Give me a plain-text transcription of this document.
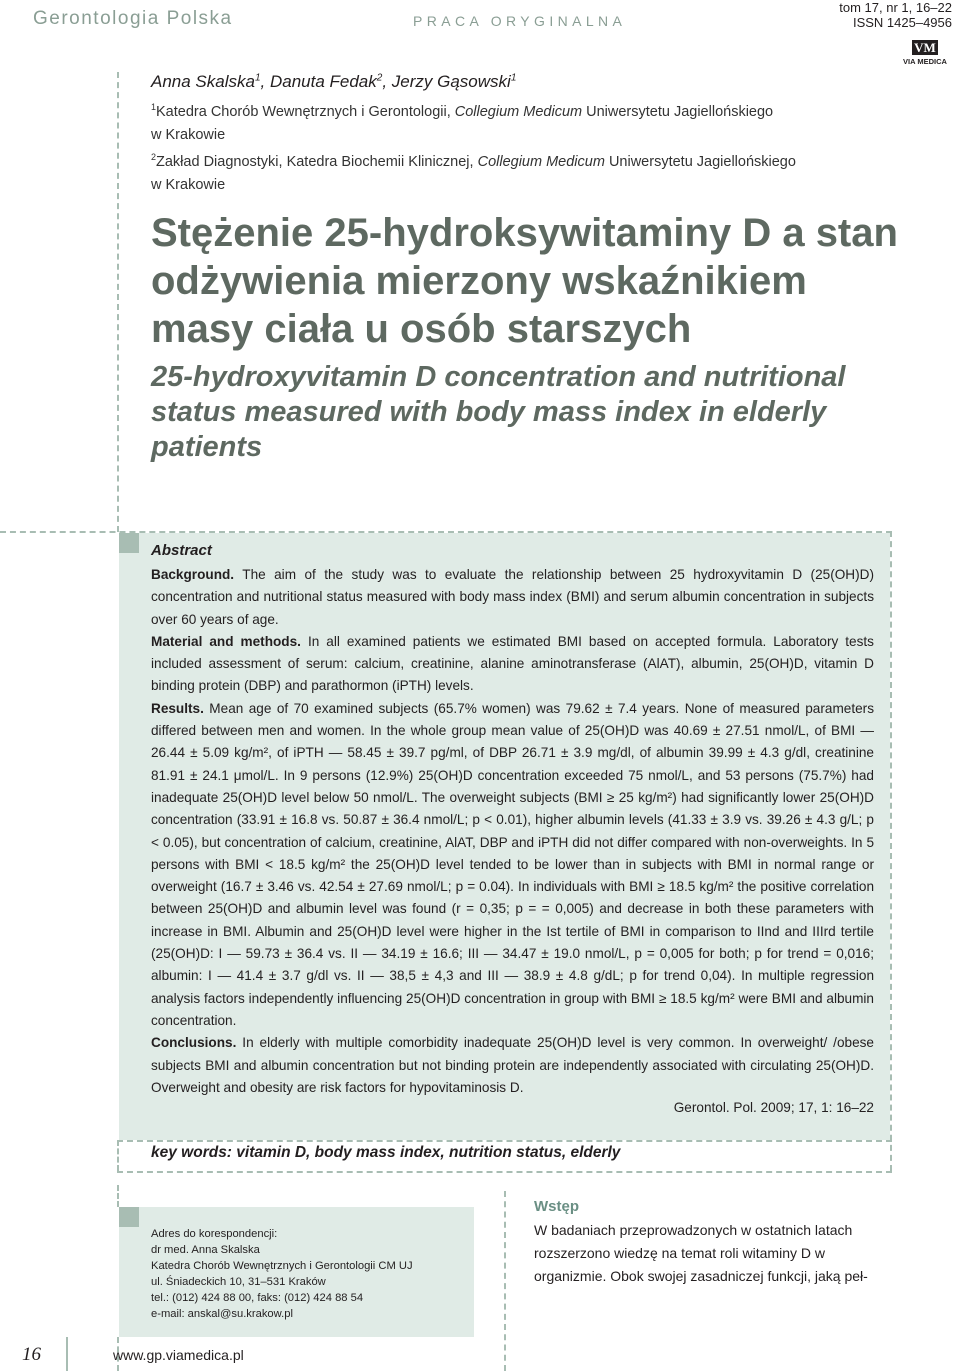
Gerontologia Polska	PRACA ORYGINALNA
tom 17, nr 1, 16–22
ISSN 1425–4956
VM
VIA MEDICA
Anna Skalska$^1$, Danuta Fedak$^2$, Jerzy Gąsowski$^1$
$^1$Katedra Chorób Wewnętrznych i Gerontologii, Collegium Medicum Uniwersytetu Jagiellońskiego
w Krakowie
$^2$Zakład Diagnostyki, Katedra Biochemii Klinicznej, Collegium Medicum Uniwersytetu Jagiellońskiego
w Krakowie
Stężenie 25-hydroksywitaminy D a stan odżywienia mierzony wskaźnikiem masy ciała u osób starszych
25-hydroxyvitamin D concentration and nutritional status measured with body mass index in elderly patients
Abstract

Background. The aim of the study was to evaluate the relationship between 25 hydroxyvitamin D (25(OH)D) concentration and nutritional status measured with body mass index (BMI) and serum albumin concentration in subjects over 60 years of age.

Material and methods. In all examined patients we estimated BMI based on accepted formula. Laboratory tests included assessment of serum: calcium, creatinine, alanine aminotransferase (AlAT), albumin, 25(OH)D, vitamin D binding protein (DBP) and parathormon (iPTH) levels.

Results. Mean age of 70 examined subjects (65.7% women) was 79.62 ± 7.4 years. None of measured parameters differed between men and women. In the whole group mean value of 25(OH)D was 40.69 ± 27.51 nmol/L, of BMI — 26.44 ± 5.09 kg/m², of iPTH — 58.45 ± 39.7 pg/ml, of DBP 26.71 ± 3.9 mg/dl, of albumin 39.99 ± 4.3 g/dl, creatinine 81.91 ± 24.1 μmol/L. In 9 persons (12.9%) 25(OH)D concentration exceeded 75 nmol/L, and 53 persons (75.7%) had inadequate 25(OH)D level below 50 nmol/L. The overweight subjects (BMI ≥ 25 kg/m²) had significantly lower 25(OH)D concentration (33.91 ± 16.8 vs. 50.87 ± 36.4 nmol/L; p < 0.01), higher albumin levels (41.33 ± 3.9 vs. 39.26 ± 4.3 g/L; p < 0.05), but concentration of calcium, creatinine, AlAT, DBP and iPTH did not differ compared with non-overweights. In 5 persons with BMI < 18.5 kg/m² the 25(OH)D level tended to be lower than in subjects with BMI in normal range or overweight (16.7 ± 3.46 vs. 42.54 ± 27.69 nmol/L; p = 0.04). In individuals with BMI ≥ 18.5 kg/m² the positive correlation between 25(OH)D and albumin level was found (r = 0,35; p = = 0,005) and decrease in both these parameters with increase in BMI. Albumin and 25(OH)D level were higher in the Ist tertile of BMI in comparison to IInd and IIIrd tertile (25(OH)D: I — 59.73 ± 36.4 vs. II — 34.19 ± 16.6; III — 34.47 ± 19.0 nmol/L, p = 0,005 for both; p for trend = 0,016; albumin: I — 41.4 ± 3.7 g/dl vs. II — 38,5 ± 4,3 and III — 38.9 ± 4.8 g/dL; p for trend 0,04). In multiple regression analysis factors independently influencing 25(OH)D concentration in group with BMI ≥ 18.5 kg/m² were BMI and albumin concentration.

Conclusions. In elderly with multiple comorbidity inadequate 25(OH)D level is very common. In overweight/ /obese subjects BMI and albumin concentration but not binding protein are independently associated with circulating 25(OH)D. Overweight and obesity are risk factors for hypovitaminosis D.

Gerontol. Pol. 2009; 17, 1: 16–22
key words: vitamin D, body mass index, nutrition status, elderly
Adres do korespondencji:
dr med. Anna Skalska
Katedra Chorób Wewnętrznych i Gerontologii CM UJ
ul. Śniadeckich 10, 31–531 Kraków
tel.: (012) 424 88 00, faks: (012) 424 88 54
e-mail: anskal@su.krakow.pl
Wstęp
W badaniach przeprowadzonych w ostatnich latach rozszerzono wiedzę na temat roli witaminy D w organizmie. Obok swojej zasadniczej funkcji, jaką peł-
16	www.gp.viamedica.pl
